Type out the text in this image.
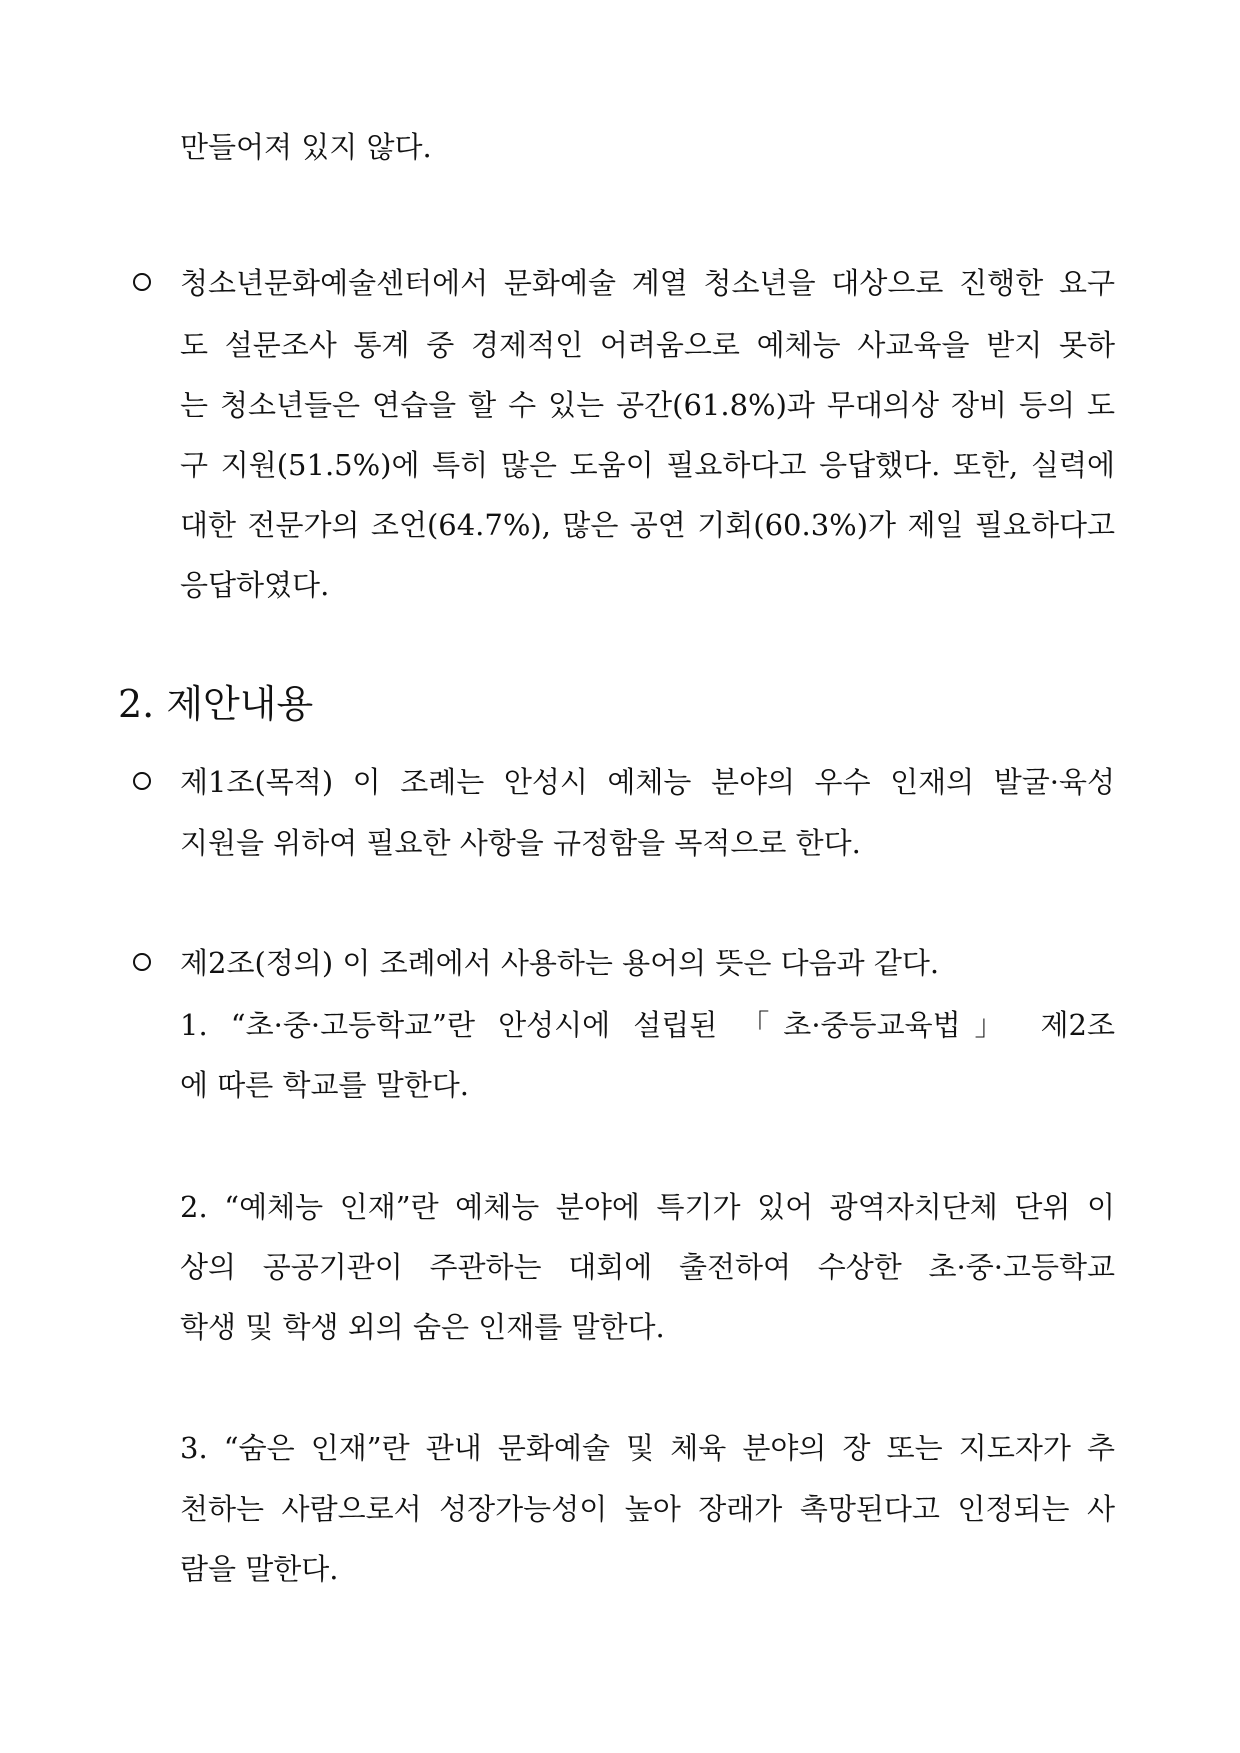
만들어져 있지 않다.
청소년문화예술센터에서 문화예술 계열 청소년을 대상으로 진행한 요구
도 설문조사 통계 중 경제적인 어려움으로 예체능 사교육을 받지 못하
는 청소년들은 연습을 할 수 있는 공간(61.8%)과 무대의상 장비 등의 도
구 지원(51.5%)에 특히 많은 도움이 필요하다고 응답했다. 또한, 실력에
대한 전문가의 조언(64.7%), 많은 공연 기회(60.3%)가 제일 필요하다고
응답하였다.
2. 제안내용
제1조(목적) 이 조례는 안성시 예체능 분야의 우수 인재의 발굴·육성
지원을 위하여 필요한 사항을 규정함을 목적으로 한다.
제2조(정의) 이 조례에서 사용하는 용어의 뜻은 다음과 같다.
1. “초·중·고등학교”란 안성시에 설립된 「초·중등교육법」 제2조
에 따른 학교를 말한다.
2. “예체능 인재”란 예체능 분야에 특기가 있어 광역자치단체 단위 이
상의 공공기관이 주관하는 대회에 출전하여 수상한 초·중·고등학교
학생 및 학생 외의 숨은 인재를 말한다.
3. “숨은 인재”란 관내 문화예술 및 체육 분야의 장 또는 지도자가 추
천하는 사람으로서 성장가능성이 높아 장래가 촉망된다고 인정되는 사
람을 말한다.
